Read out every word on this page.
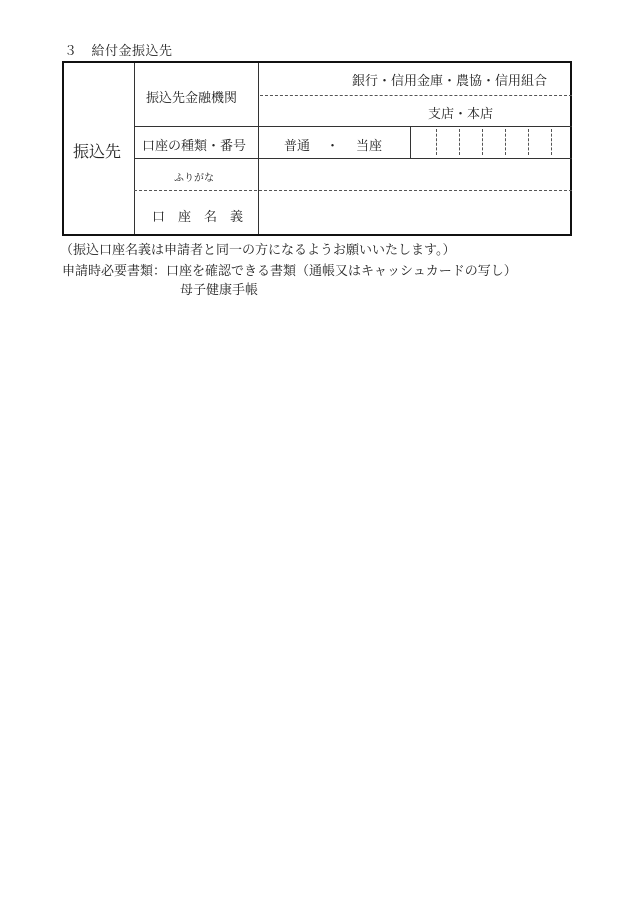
３ 給付金振込先
振込先
振込先金融機関
銀行・信用金庫・農協・信用組合
支店・本店
口座の種類・番号	普通 ・ 当座
ふりがな
口　座　名　義
（振込口座名義は申請者と同一の方になるようお願いいたします。）
申請時必要書類：口座を確認できる書類（通帳又はキャッシュカードの写し）
母子健康手帳
